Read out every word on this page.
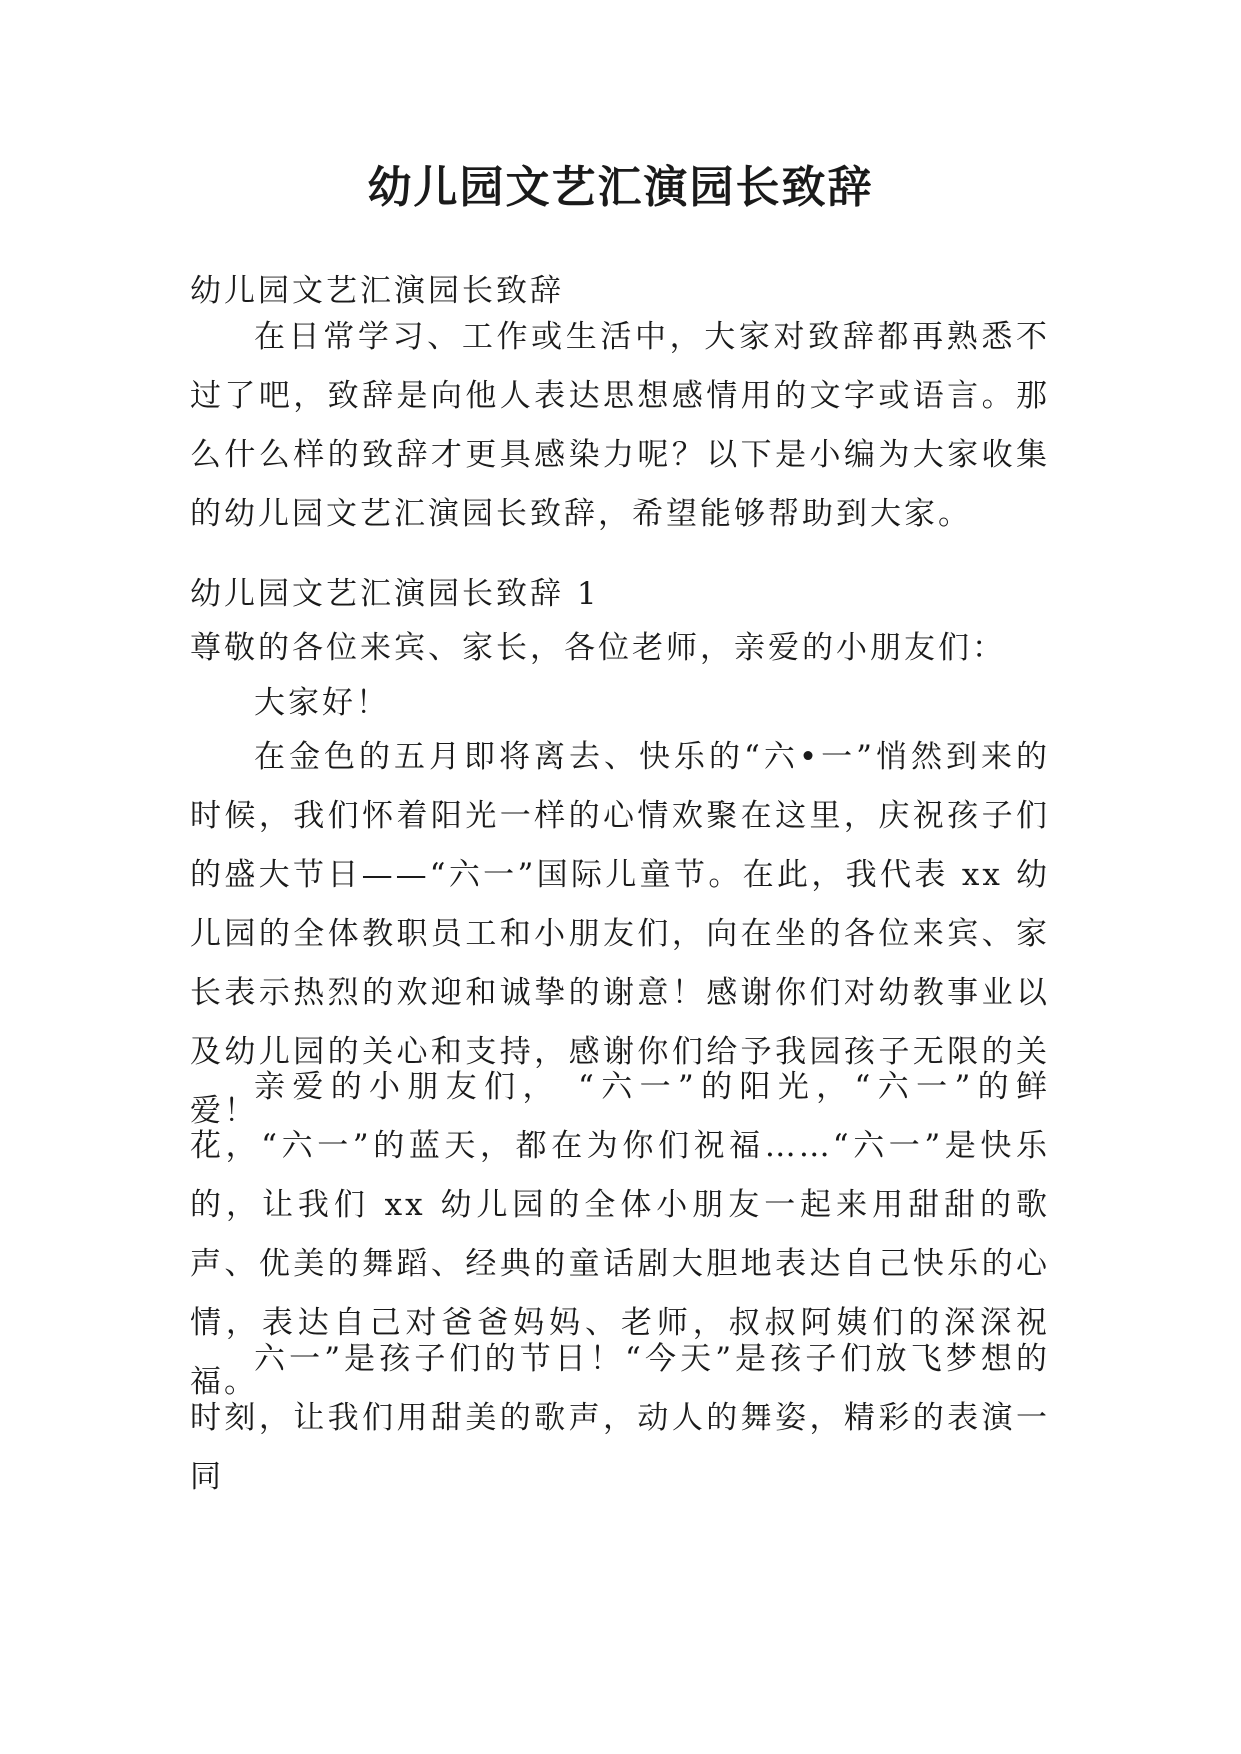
幼儿园文艺汇演园长致辞

幼儿园文艺汇演园长致辞

在日常学习、工作或生活中，大家对致辞都再熟悉不过了吧，致辞是向他人表达思想感情用的文字或语言。那么什么样的致辞才更具感染力呢？以下是小编为大家收集的幼儿园文艺汇演园长致辞，希望能够帮助到大家。

幼儿园文艺汇演园长致辞 1

尊敬的各位来宾、家长，各位老师，亲爱的小朋友们：

大家好！

在金色的五月即将离去、快乐的“六•一”悄然到来的时候，我们怀着阳光一样的心情欢聚在这里，庆祝孩子们的盛大节日——“六一”国际儿童节。在此，我代表 xx 幼儿园的全体教职员工和小朋友们，向在坐的各位来宾、家长表示热烈的欢迎和诚挚的谢意！感谢你们对幼教事业以及幼儿园的关心和支持，感谢你们给予我园孩子无限的关爱！

亲爱的小朋友们， “六一”的阳光，“六一”的鲜花，“六一”的蓝天，都在为你们祝福……“六一”是快乐的，让我们 xx 幼儿园的全体小朋友一起来用甜甜的歌声、优美的舞蹈、经典的童话剧大胆地表达自己快乐的心情，表达自己对爸爸妈妈、老师，叔叔阿姨们的深深祝福。

六一”是孩子们的节日！“今天”是孩子们放飞梦想的时刻，让我们用甜美的歌声，动人的舞姿，精彩的表演一同
